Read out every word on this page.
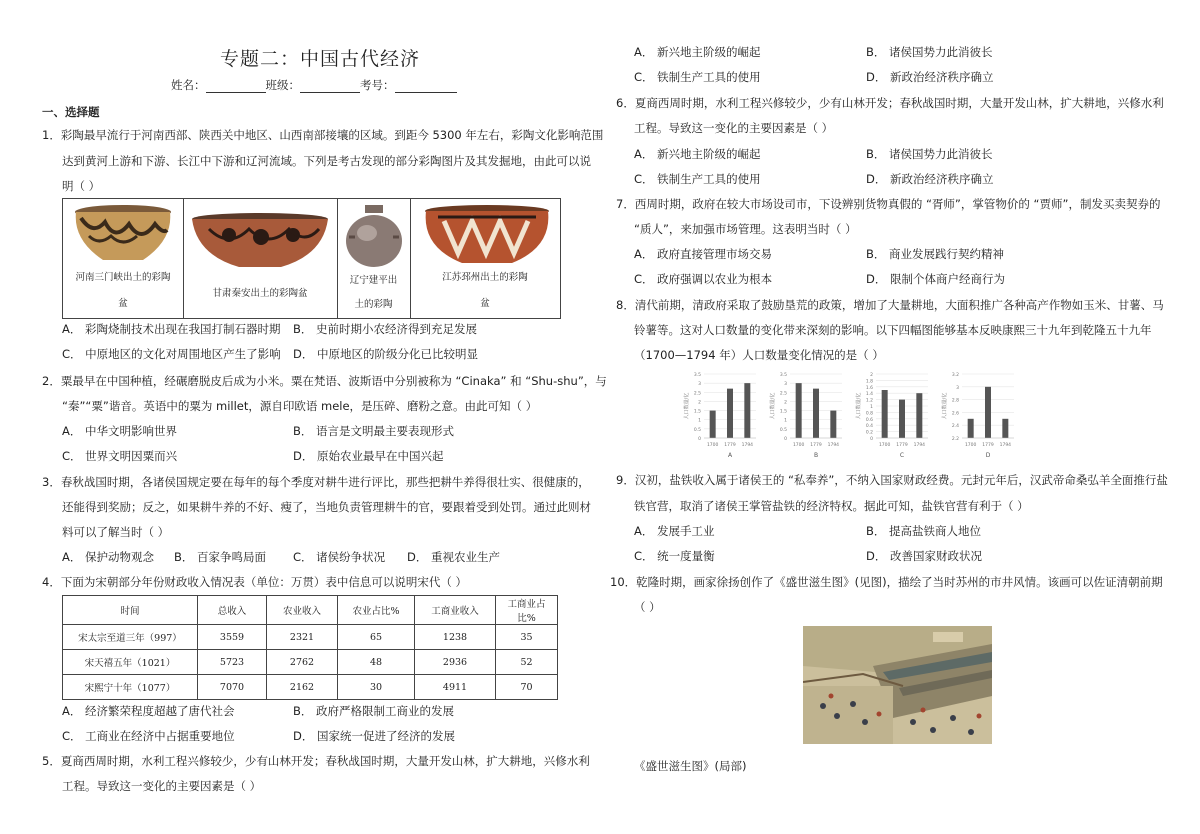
专题二：中国古代经济
姓名：	班级：	考号：
一、选择题
1．彩陶最早流行于河南西部、陕西关中地区、山西南部接壤的区域。到距今 5300 年左右，彩陶文化影响范围
达到黄河上游和下游、长江中下游和辽河流域。下列是考古发现的部分彩陶图片及其发掘地，由此可以说
明（ ）
河南三门峡出土的彩陶
盆
甘肃秦安出土的彩陶盆
辽宁建平出
土的彩陶
江苏邳州出土的彩陶
盆
A． 彩陶烧制技术出现在我国打制石器时期 B． 史前时期小农经济得到充足发展
C． 中原地区的文化对周围地区产生了影响 D． 中原地区的阶级分化已比较明显
2．粟最早在中国种植，经碾磨脱皮后成为小米。粟在梵语、波斯语中分别被称为 “Cinaka” 和 “Shu-shu”，与
“秦”“粟”谐音。英语中的粟为 millet，源自印欧语 mele，是压碎、磨粉之意。由此可知（ ）
A． 中华文明影响世界	B． 语言是文明最主要表现形式
C． 世界文明因粟而兴	D． 原始农业最早在中国兴起
3．春秋战国时期，各诸侯国规定要在每年的每个季度对耕牛进行评比，那些把耕牛养得很壮实、很健康的，
还能得到奖励；反之，如果耕牛养的不好、瘦了，当地负责管理耕牛的官，要跟着受到处罚。通过此则材
料可以了解当时（ ）
A． 保护动物观念 B． 百家争鸣局面 C． 诸侯纷争状况 D． 重视农业生产
4．下面为宋朝部分年份财政收入情况表（单位：万贯）表中信息可以说明宋代（ ）
时间	总收入	农业收入	农业占比%	工商业收入	工商业占比%
宋太宗至道三年（997）	3559	2321	65	1238	35
宋天禧五年（1021）	5723	2762	48	2936	52
宋熙宁十年（1077）	7070	2162	30	4911	70
A． 经济繁荣程度超越了唐代社会	B． 政府严格限制工商业的发展
C． 工商业在经济中占据重要地位	D． 国家统一促进了经济的发展
5．夏商西周时期，水利工程兴修较少，少有山林开发；春秋战国时期，大量开发山林，扩大耕地，兴修水利
工程。导致这一变化的主要因素是（ ）
A． 新兴地主阶级的崛起	B． 诸侯国势力此消彼长
C． 铁制生产工具的使用	D． 新政治经济秩序确立
6．夏商西周时期，水利工程兴修较少，少有山林开发；春秋战国时期，大量开发山林，扩大耕地，兴修水利
工程。导致这一变化的主要因素是（ ）
A． 新兴地主阶级的崛起	B． 诸侯国势力此消彼长
C． 铁制生产工具的使用	D． 新政治经济秩序确立
7．西周时期，政府在较大市场设司市，下设辨别货物真假的 “胥师”，掌管物价的 “贾师”，制发买卖契券的
“质人”，来加强市场管理。这表明当时（ ）
A． 政府直接管理市场交易	B． 商业发展践行契约精神
C． 政府强调以农业为根本	D． 限制个体商户经商行为
8．清代前期，清政府采取了鼓励垦荒的政策，增加了大量耕地，大面积推广各种高产作物如玉米、甘薯、马
铃薯等。这对人口数量的变化带来深刻的影响。以下四幅图能够基本反映康熙三十九年到乾隆五十九年
（1700—1794 年）人口数量变化情况的是（ ）
0
0.5
1
1.5
2
2.5
3
3.5
人口数量/亿
1700 1779 1794
A
0
0.5
1
1.5
2
2.5
3
3.5
人口数量/亿
1700 1779 1794
B
0
0.2
0.4
0.6
0.8
1
1.2
1.4
1.6
1.8
2
人口数量/亿
1700 1779 1794
C
2.2
2.4
2.6
2.8
3
3.2
人口数量/亿
1700 1779 1794
D
9．汉初，盐铁收入属于诸侯王的 “私奉养”，不纳入国家财政经费。元封元年后，汉武帝命桑弘羊全面推行盐
铁官营，取消了诸侯王掌管盐铁的经济特权。据此可知，盐铁官营有利于（ ）
A． 发展手工业	B． 提高盐铁商人地位
C． 统一度量衡	D． 改善国家财政状况
10．乾隆时期，画家徐扬创作了《盛世滋生图》(见图)，描绘了当时苏州的市井风情。该画可以佐证清朝前期
（ ）
《盛世滋生图》(局部)
